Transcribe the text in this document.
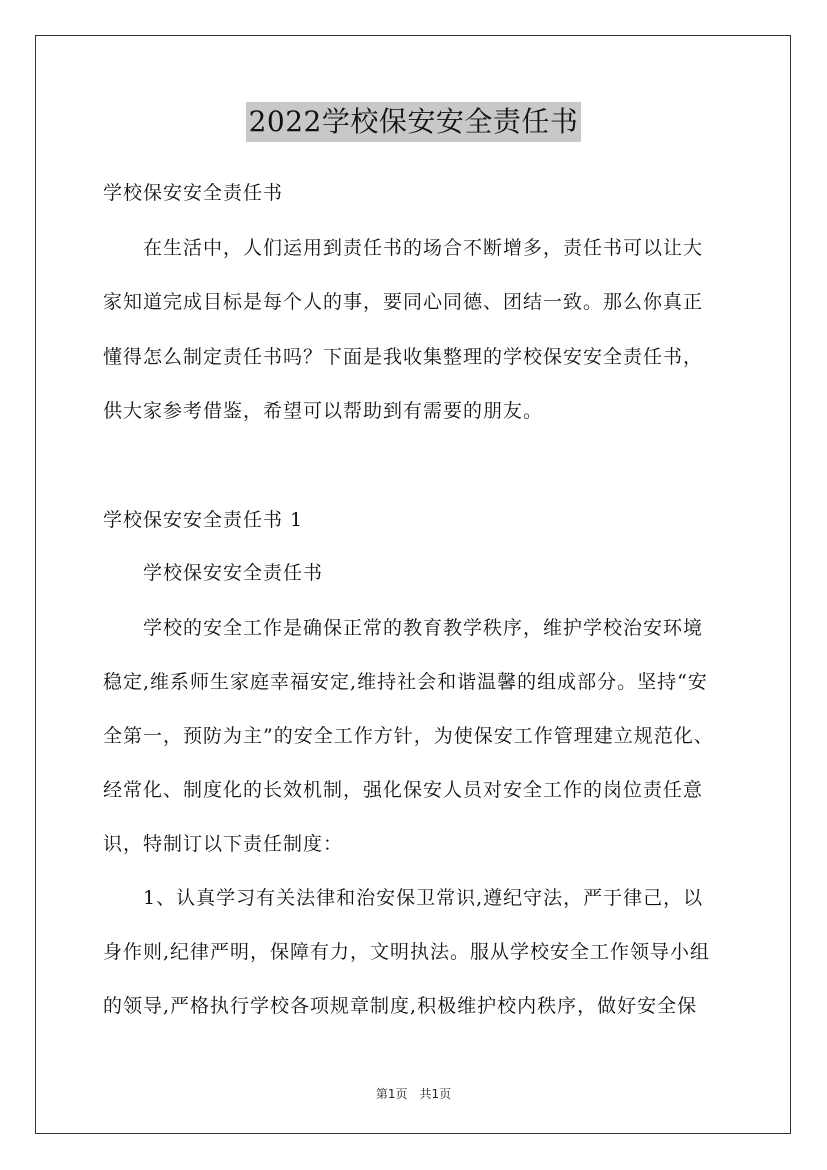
2022学校保安安全责任书
学校保安安全责任书
在生活中，人们运用到责任书的场合不断增多，责任书可以让大
家知道完成目标是每个人的事，要同心同德、团结一致。那么你真正
懂得怎么制定责任书吗？下面是我收集整理的学校保安安全责任书，
供大家参考借鉴，希望可以帮助到有需要的朋友。
学校保安安全责任书 1
学校保安安全责任书
学校的安全工作是确保正常的教育教学秩序，维护学校治安环境
稳定,维系师生家庭幸福安定,维持社会和谐温馨的组成部分。坚持“安
全第一，预防为主”的安全工作方针，为使保安工作管理建立规范化、
经常化、制度化的长效机制，强化保安人员对安全工作的岗位责任意
识，特制订以下责任制度：
1、认真学习有关法律和治安保卫常识,遵纪守法，严于律己，以
身作则,纪律严明，保障有力，文明执法。服从学校安全工作领导小组
的领导,严格执行学校各项规章制度,积极维护校内秩序，做好安全保
第1页　共1页
